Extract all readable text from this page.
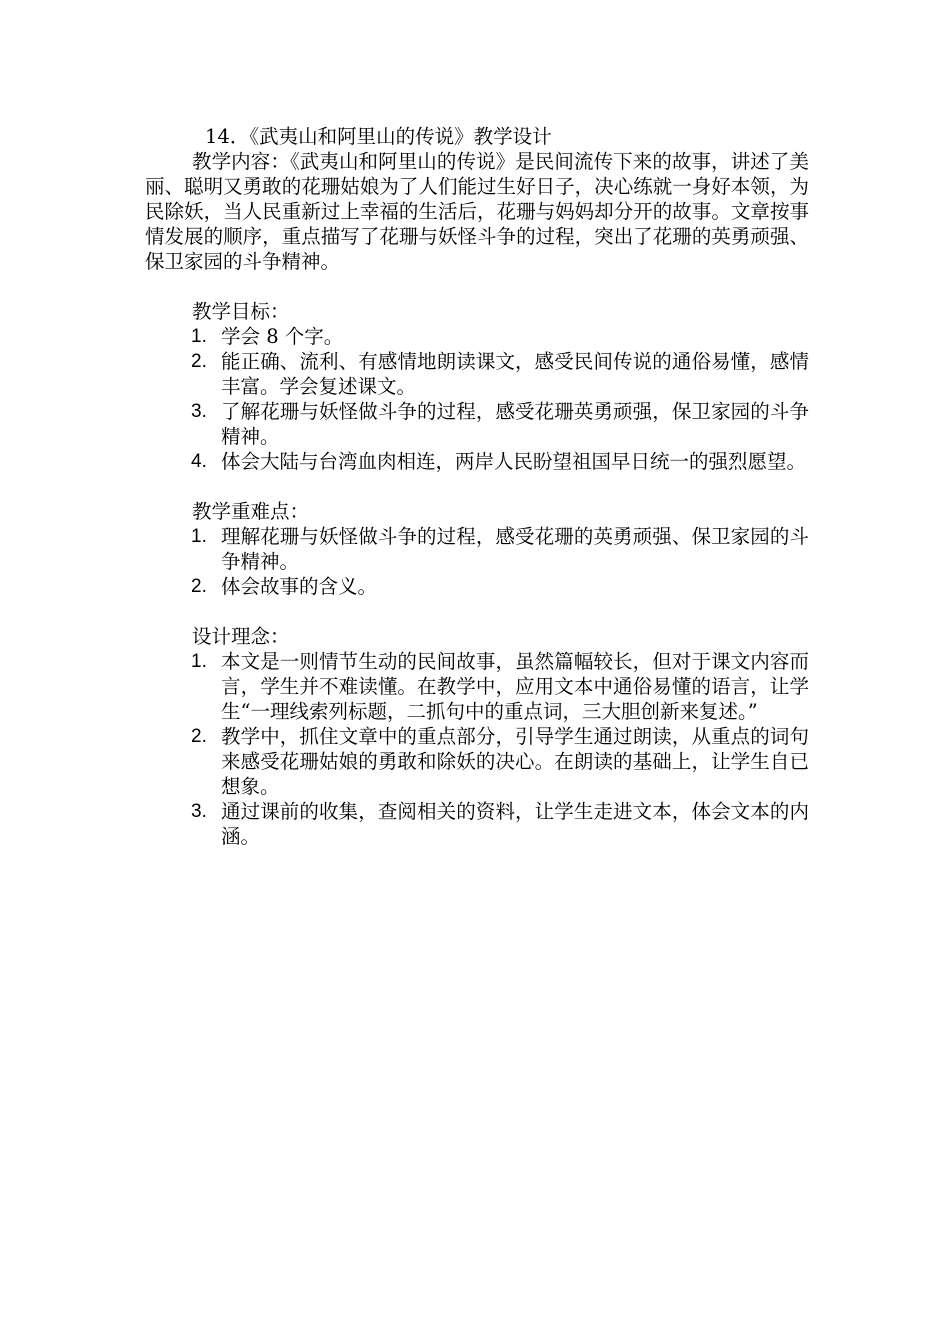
14．《武夷山和阿里山的传说》教学设计

教学内容：《武夷山和阿里山的传说》是民间流传下来的故事，讲述了美丽、聪明又勇敢的花珊姑娘为了人们能过生好日子，决心练就一身好本领，为民除妖，当人民重新过上幸福的生活后，花珊与妈妈却分开的故事。文章按事情发展的顺序，重点描写了花珊与妖怪斗争的过程，突出了花珊的英勇顽强、保卫家园的斗争精神。

教学目标：
1. 学会 8 个字。
2. 能正确、流利、有感情地朗读课文，感受民间传说的通俗易懂，感情丰富。学会复述课文。
3. 了解花珊与妖怪做斗争的过程，感受花珊英勇顽强，保卫家园的斗争精神。
4. 体会大陆与台湾血肉相连，两岸人民盼望祖国早日统一的强烈愿望。
教学重难点：
1. 理解花珊与妖怪做斗争的过程，感受花珊的英勇顽强、保卫家园的斗争精神。
2. 体会故事的含义。
设计理念：
1. 本文是一则情节生动的民间故事，虽然篇幅较长，但对于课文内容而言，学生并不难读懂。在教学中，应用文本中通俗易懂的语言，让学生“一理线索列标题，二抓句中的重点词，三大胆创新来复述。”
2. 教学中，抓住文章中的重点部分，引导学生通过朗读，从重点的词句来感受花珊姑娘的勇敢和除妖的决心。在朗读的基础上，让学生自已想象。
3. 通过课前的收集，查阅相关的资料，让学生走进文本，体会文本的内涵。
